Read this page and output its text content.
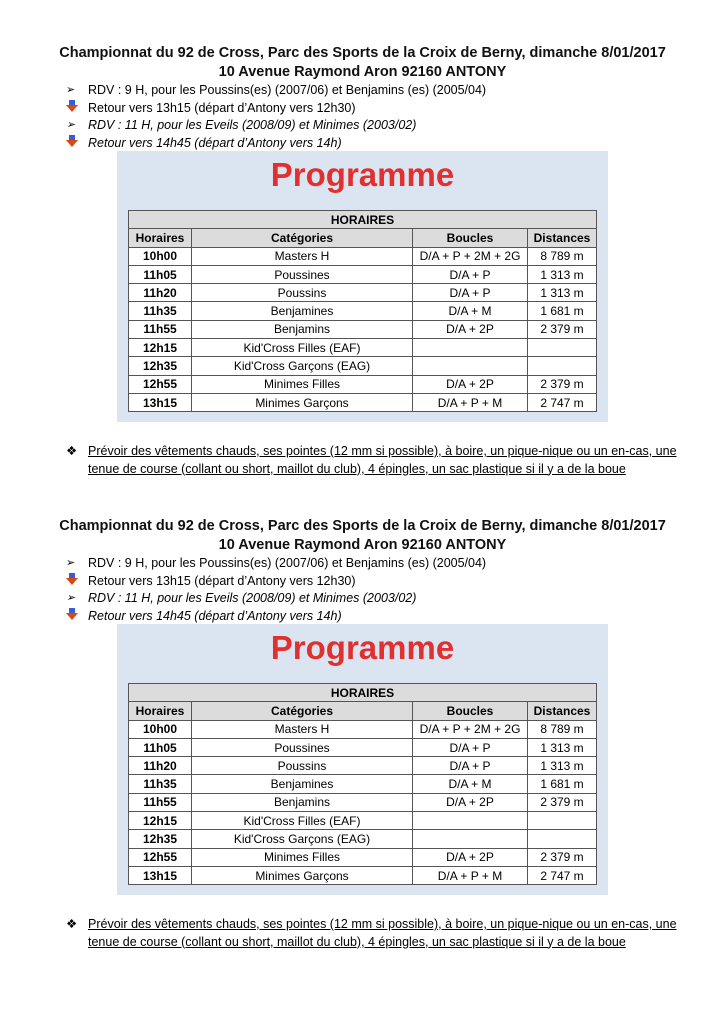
Championnat du 92 de Cross, Parc des Sports de la Croix de Berny, dimanche 8/01/2017
10 Avenue Raymond Aron 92160 ANTONY
➢	RDV : 9 H, pour les Poussins(es) (2007/06) et Benjamins (es) (2005/04)
Retour vers 13h15 (départ d’Antony vers 12h30)
➢	RDV : 11 H, pour les Eveils (2008/09) et Minimes (2003/02)
Retour vers 14h45 (départ d’Antony vers 14h)
Programme
HORAIRES			
Horaires	Catégories	Boucles	Distances
10h00	Masters H	D/A + P + 2M + 2G	8 789 m
11h05	Poussines	D/A + P	1 313 m
11h20	Poussins	D/A + P	1 313 m
11h35	Benjamines	D/A + M	1 681 m
11h55	Benjamins	D/A + 2P	2 379 m
12h15	Kid'Cross Filles (EAF)		
12h35	Kid'Cross Garçons (EAG)		
12h55	Minimes Filles	D/A + 2P	2 379 m
13h15	Minimes Garçons	D/A + P + M	2 747 m
❖ Prévoir des vêtements chauds, ses pointes (12 mm si possible), à boire, un pique-nique ou un en-cas, une tenue de course (collant ou short, maillot du club), 4 épingles, un sac plastique si il y a de la boue
Championnat du 92 de Cross, Parc des Sports de la Croix de Berny, dimanche 8/01/2017
10 Avenue Raymond Aron 92160 ANTONY
➢	RDV : 9 H, pour les Poussins(es) (2007/06) et Benjamins (es) (2005/04)
Retour vers 13h15 (départ d’Antony vers 12h30)
➢	RDV : 11 H, pour les Eveils (2008/09) et Minimes (2003/02)
Retour vers 14h45 (départ d’Antony vers 14h)
Programme
HORAIRES			
Horaires	Catégories	Boucles	Distances
10h00	Masters H	D/A + P + 2M + 2G	8 789 m
11h05	Poussines	D/A + P	1 313 m
11h20	Poussins	D/A + P	1 313 m
11h35	Benjamines	D/A + M	1 681 m
11h55	Benjamins	D/A + 2P	2 379 m
12h15	Kid'Cross Filles (EAF)		
12h35	Kid'Cross Garçons (EAG)		
12h55	Minimes Filles	D/A + 2P	2 379 m
13h15	Minimes Garçons	D/A + P + M	2 747 m
❖ Prévoir des vêtements chauds, ses pointes (12 mm si possible), à boire, un pique-nique ou un en-cas, une tenue de course (collant ou short, maillot du club), 4 épingles, un sac plastique si il y a de la boue
